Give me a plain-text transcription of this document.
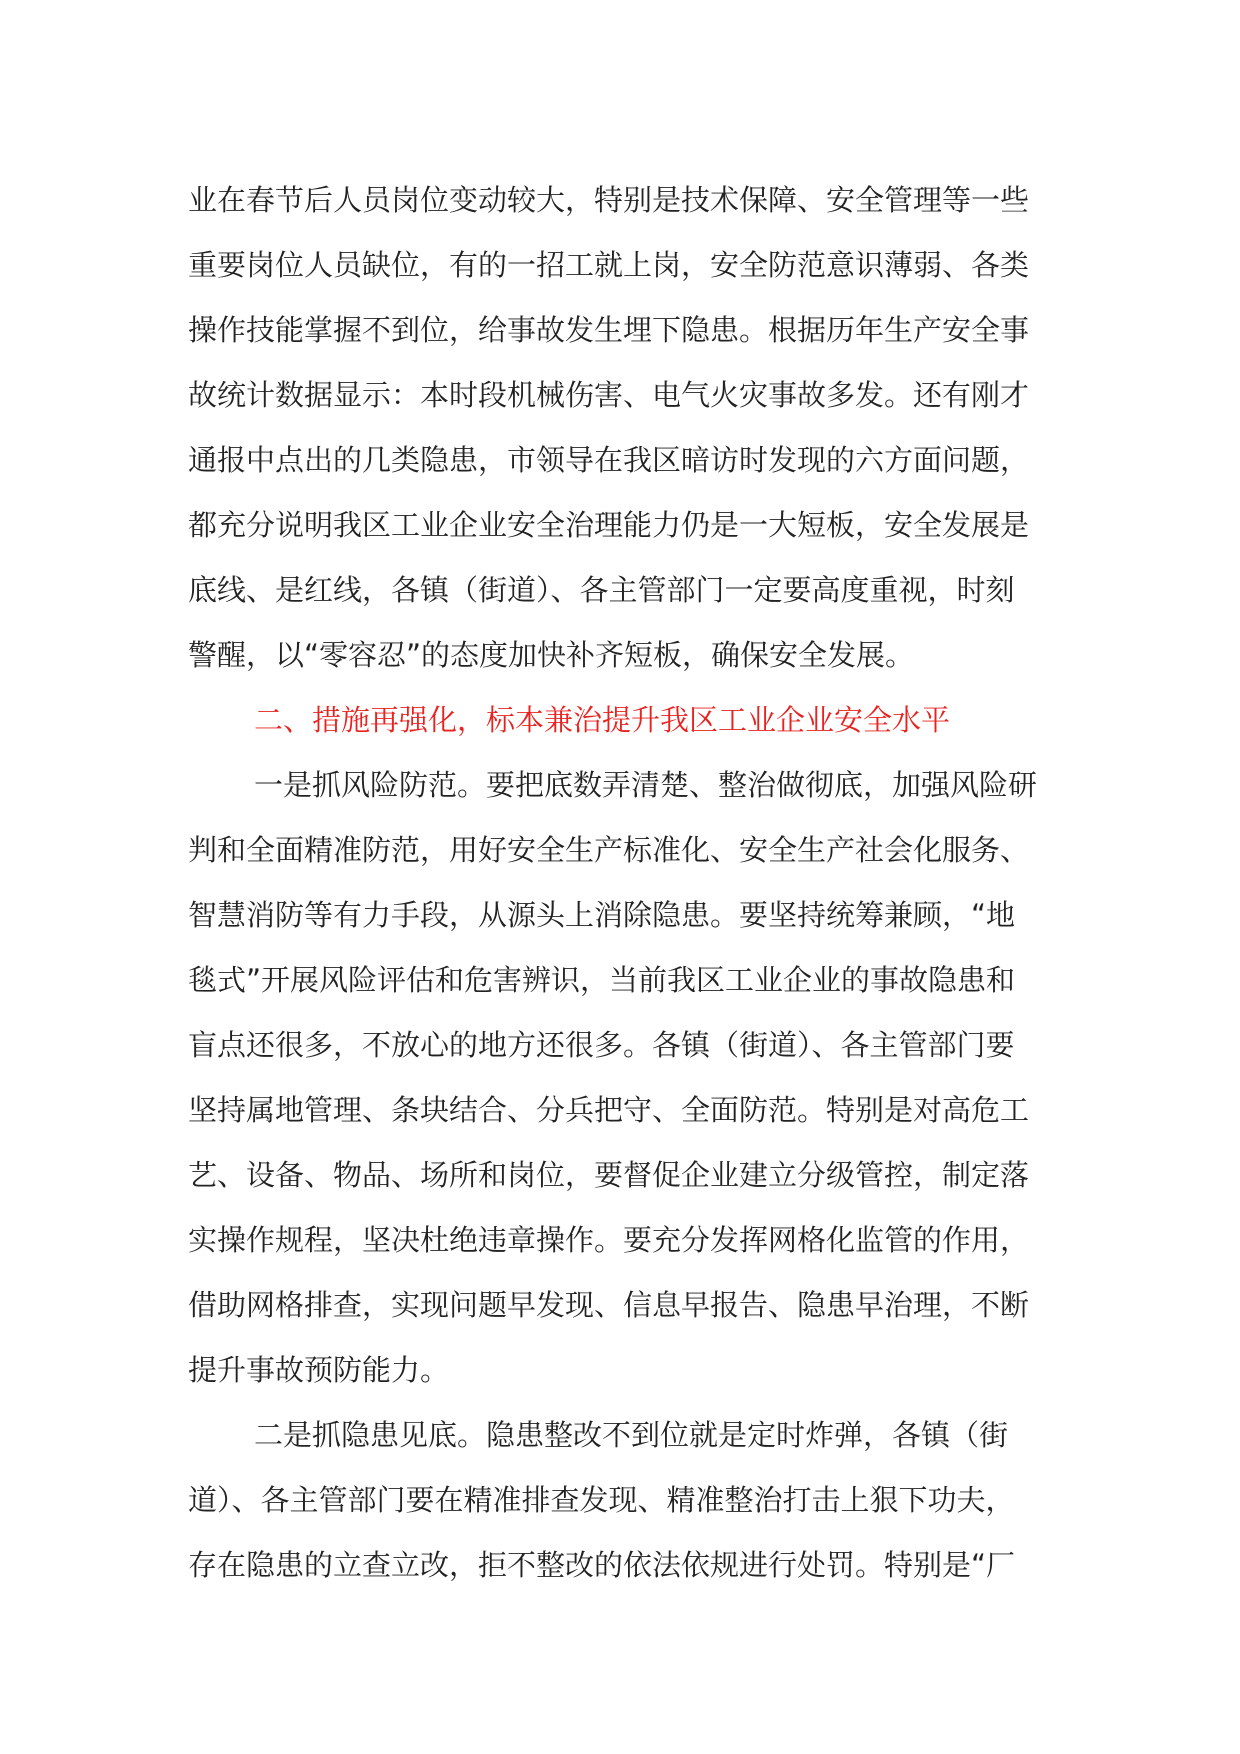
业在春节后人员岗位变动较大，特别是技术保障、安全管理等一些
重要岗位人员缺位，有的一招工就上岗，安全防范意识薄弱、各类
操作技能掌握不到位，给事故发生埋下隐患。根据历年生产安全事
故统计数据显示：本时段机械伤害、电气火灾事故多发。还有刚才
通报中点出的几类隐患，市领导在我区暗访时发现的六方面问题，
都充分说明我区工业企业安全治理能力仍是一大短板，安全发展是
底线、是红线，各镇（街道）、各主管部门一定要高度重视，时刻
警醒，以“零容忍”的态度加快补齐短板，确保安全发展。
二、措施再强化，标本兼治提升我区工业企业安全水平
一是抓风险防范。要把底数弄清楚、整治做彻底，加强风险研
判和全面精准防范，用好安全生产标准化、安全生产社会化服务、
智慧消防等有力手段，从源头上消除隐患。要坚持统筹兼顾，“地
毯式”开展风险评估和危害辨识，当前我区工业企业的事故隐患和
盲点还很多，不放心的地方还很多。各镇（街道）、各主管部门要
坚持属地管理、条块结合、分兵把守、全面防范。特别是对高危工
艺、设备、物品、场所和岗位，要督促企业建立分级管控，制定落
实操作规程，坚决杜绝违章操作。要充分发挥网格化监管的作用，
借助网格排查，实现问题早发现、信息早报告、隐患早治理，不断
提升事故预防能力。
二是抓隐患见底。隐患整改不到位就是定时炸弹，各镇（街
道）、各主管部门要在精准排查发现、精准整治打击上狠下功夫，
存在隐患的立查立改，拒不整改的依法依规进行处罚。特别是“厂
